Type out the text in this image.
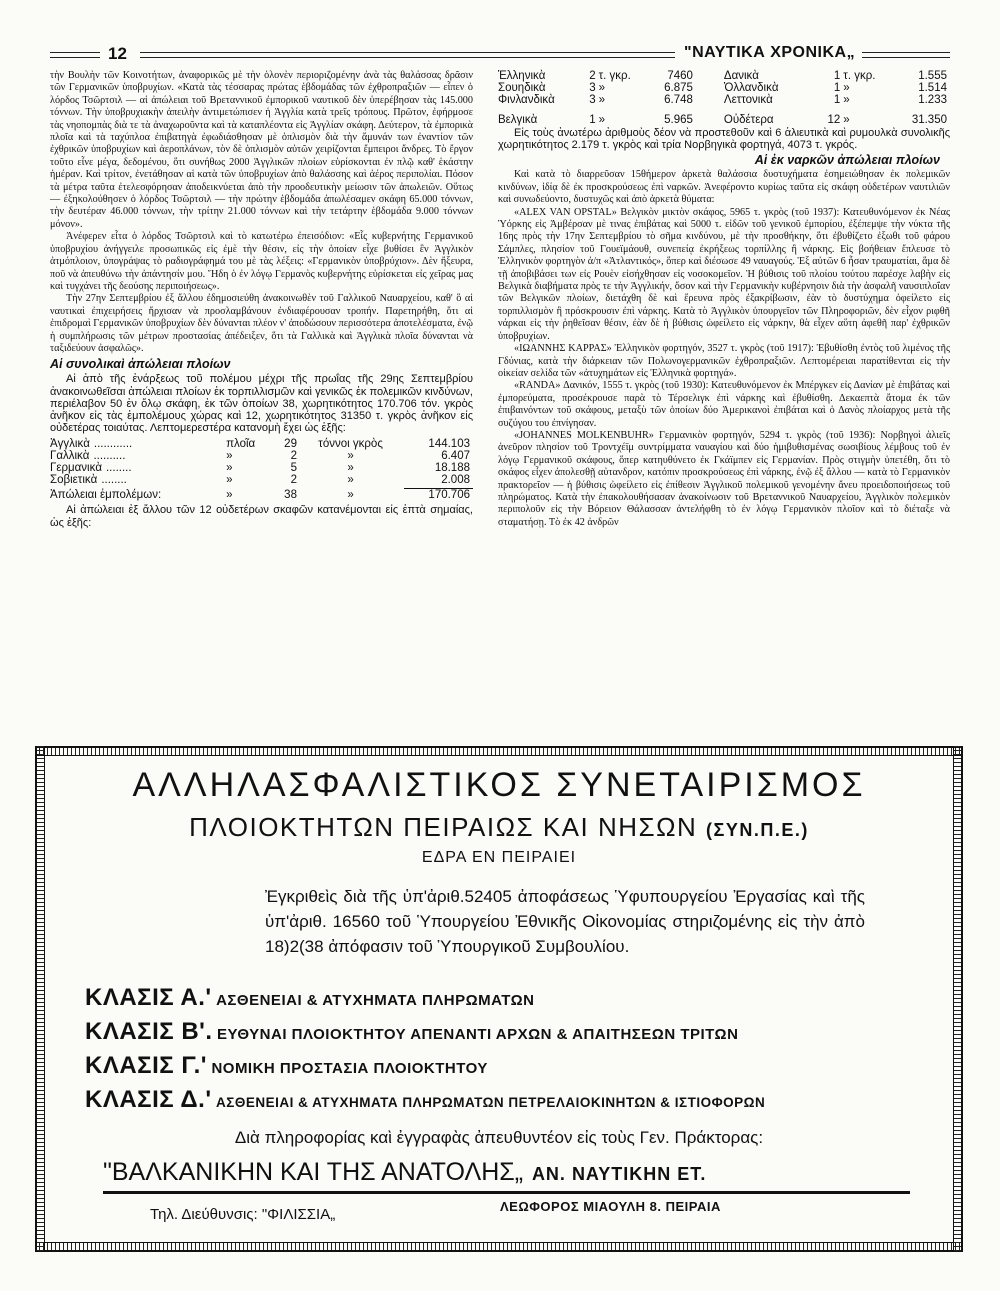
12	"ΝΑΥΤΙΚΑ ΧΡΟΝΙΚΑ„

τὴν Βουλὴν τῶν Κοινοτήτων, ἀναφορικῶς μὲ τὴν ὁλονὲν περιοριζομένην ἀνὰ τὰς θαλάσσας δρᾶσιν τῶν Γερμανικῶν ὑποβρυχίων. «Κατὰ τὰς τέσσαρας πρώτας ἑβδομάδας τῶν ἐχθροπραξιῶν — εἶπεν ὁ λόρδος Τσῶρτσιλ — αἱ ἀπώλειαι τοῦ Βρεταννικοῦ ἐμπορικοῦ ναυτικοῦ δὲν ὑπερέβησαν τὰς 145.000 τόννων. Τὴν ὑποβρυχιακὴν ἀπειλὴν ἀντιμετώπισεν ἡ Ἀγγλία κατὰ τρεῖς τρόπους. Πρῶτον, ἐφήρμοσε τὰς νηοπομπὰς διὰ τε τὰ ἀναχωροῦντα καὶ τὰ καταπλέοντα εἰς Ἀγγλίαν σκάφη. Δεύτερον, τὰ ἐμπορικὰ πλοῖα καὶ τὰ ταχύπλοα ἐπιβατηγὰ ἐφωδιάσθησαν μὲ ὁπλισμὸν διὰ τὴν ἄμυνάν των ἐναντίον τῶν ἐχθρικῶν ὑποβρυχίων καὶ ἀεροπλάνων, τὸν δὲ ὁπλισμὸν αὐτῶν χειρίζονται ἔμπειροι ἄνδρες. Τὸ ἔργον τοῦτο εἶνε μέγα, δεδομένου, ὅτι συνήθως 2000 Ἀγγλικῶν πλοίων εὑρίσκονται ἐν πλῷ καθ' ἑκάστην ἡμέραν. Καὶ τρίτον, ἐνετάθησαν αἱ κατὰ τῶν ὑποβρυχίων ἀπὸ θαλάσσης καὶ ἀέρος περιπολίαι. Πόσον τὰ μέτρα ταῦτα ἐτελεσφόρησαν ἀποδεικνύεται ἀπὸ τὴν προοδευτικὴν μείωσιν τῶν ἀπωλειῶν. Οὕτως — ἐξηκολούθησεν ὁ λόρδος Τσῶρτσιλ — τὴν πρώτην ἑβδομάδα ἀπωλέσαμεν σκάφη 65.000 τόννων, τὴν δευτέραν 46.000 τόννων, τὴν τρίτην 21.000 τόννων καὶ τὴν τετάρτην ἑβδομάδα 9.000 τόννων μόνον».

Ἀνέφερεν εἶτα ὁ λόρδος Τσῶρτσιλ καὶ τὸ κατωτέρω ἐπεισόδιον: «Εἷς κυβερνήτης Γερμανικοῦ ὑποβρυχίου ἀνήγγειλε προσωπικῶς εἰς ἐμὲ τὴν θέσιν, εἰς τὴν ὁποίαν εἶχε βυθίσει ἓν Ἀγγλικὸν ἀτμόπλοιον, ὑπογράψας τὸ ραδιογράφημά του μὲ τὰς λέξεις: «Γερμανικὸν ὑποβρύχιον». Δὲν ἤξευρα, ποῦ νὰ ἀπευθύνω τὴν ἀπάντησίν μου. Ἤδη ὁ ἐν λόγῳ Γερμανὸς κυβερνήτης εὑρίσκεται εἰς χεῖρας μας καὶ τυγχάνει τῆς δεούσης περιποιήσεως».

Τὴν 27ην Σεπτεμβρίου ἐξ ἄλλου ἐδημοσιεύθη ἀνακοινωθὲν τοῦ Γαλλικοῦ Ναυαρχείου, καθ' ὃ αἱ ναυτικαὶ ἐπιχειρήσεις ἤρχισαν νὰ προσλαμβάνουν ἐνδιαφέρουσαν τροπήν. Παρετηρήθη, ὅτι αἱ ἐπιδρομαὶ Γερμανικῶν ὑποβρυχίων δὲν δύνανται πλέον ν' ἀποδώσουν περισσότερα ἀποτελέσματα, ἐνῷ ἡ συμπλήρωσις τῶν μέτρων προστασίας ἀπέδειξεν, ὅτι τὰ Γαλλικὰ καὶ Ἀγγλικὰ πλοῖα δύνανται νὰ ταξιδεύουν ἀσφαλῶς».

Αἱ συνολικαὶ ἀπώλειαι πλοίων

Αἱ ἀπὸ τῆς ἐνάρξεως τοῦ πολέμου μέχρι τῆς πρωΐας τῆς 29ης Σεπτεμβρίου ἀνακοινωθεῖσαι ἀπώλειαι πλοίων ἐκ τορπιλλισμῶν καὶ γενικῶς ἐκ πολεμικῶν κινδύνων, περιέλαβον 50 ἐν ὅλῳ σκάφη, ἐκ τῶν ὁποίων 38, χωρητικότητος 170.706 τόν. γκρὸς ἀνῆκον εἰς τὰς ἐμπολέμους χώρας καὶ 12, χωρητικότητος 31350 τ. γκρὸς ἀνῆκον εἰς οὐδετέρας τοιαύτας. Λεπτομερεστέρα κατανομὴ ἔχει ὡς ἑξῆς:

Ἀγγλικὰ ............	πλοῖα	29	τόννοι γκρὸς	144.103
Γαλλικὰ ..........	»	2	»	6.407
Γερμανικὰ ........	»	5	»	18.188
Σοβιετικὰ ........	»	2	»	2.008

Ἀπώλειαι ἐμπολέμων:	»	38	»	170.706

Αἱ ἀπώλειαι ἐξ ἄλλου τῶν 12 οὐδετέρων σκαφῶν κατανέμονται εἰς ἑπτὰ σημαίας, ὡς ἑξῆς:

Ἑλληνικὰ	2	τ. γκρ.	7460	Δανικὰ	1	τ. γκρ.	1.555
Σουηδικὰ	3	»	6.875	Ὀλλανδικὰ	1	»	1.514
Φινλανδικὰ	3	»	6.748	Λεττονικὰ	1	»	1.233

Βελγικὰ	1	»	5.965	Οὐδέτερα	12	»	31.350

Εἰς τοὺς ἀνωτέρω ἀριθμοὺς δέον νὰ προστεθοῦν καὶ 6 ἁλιευτικὰ καὶ ρυμουλκὰ συνολικῆς χωρητικότητος 2.179 τ. γκρὸς καὶ τρία Νορβηγικὰ φορτηγά, 4073 τ. γκρός.

Αἱ ἐκ ναρκῶν ἀπώλειαι πλοίων

Καὶ κατὰ τὸ διαρρεῦσαν 15θήμερον ἀρκετὰ θαλάσσια δυστυχήματα ἐσημειώθησαν ἐκ πολεμικῶν κινδύνων, ἰδίᾳ δὲ ἐκ προσκρούσεως ἐπὶ ναρκῶν. Ἀνεφέροντο κυρίως ταῦτα εἰς σκάφη οὐδετέρων ναυτιλιῶν καὶ συνωδεύοντο, δυστυχῶς καὶ ἀπὸ ἀρκετὰ θύματα:

«ALEX VAN OPSTAL» Βελγικὸν μικτὸν σκάφος, 5965 τ. γκρὸς (τοῦ 1937): Κατευθυνόμενον ἐκ Νέας Ὑόρκης εἰς Ἀμβέρσαν μὲ τινας ἐπιβάτας καὶ 5000 τ. εἰδῶν τοῦ γενικοῦ ἐμπορίου, ἐξέπεμψε τὴν νύκτα τῆς 16ης πρὸς τὴν 17ην Σεπτεμβρίου τὸ σῆμα κινδύνου, μὲ τὴν προσθήκην, ὅτι ἐβυθίζετο ἐξωθι τοῦ φάρου Σάμπλες, πλησίον τοῦ Γουεϊμάουθ, συνεπείᾳ ἐκρήξεως τορπίλλης ἢ νάρκης. Εἰς βοήθειαν ἔπλευσε τὸ Ἑλληνικὸν φορτηγὸν ἀ/π «Ἀτλαντικός», ὅπερ καὶ διέσωσε 49 ναυαγούς. Ἐξ αὐτῶν 6 ἦσαν τραυματίαι, ἅμα δὲ τῇ ἀποβιβάσει των εἰς Ρουὲν εἰσήχθησαν εἰς νοσοκομεῖον. Ἡ βύθισις τοῦ πλοίου τούτου παρέσχε λαβὴν εἰς Βελγικὰ διαβήματα πρὸς τε τὴν Ἀγγλικήν, ὅσον καὶ τὴν Γερμανικὴν κυβέρνησιν διὰ τὴν ἀσφαλῆ ναυσιπλοΐαν τῶν Βελγικῶν πλοίων, διετάχθη δὲ καὶ ἔρευνα πρὸς ἐξακρίβωσιν, ἐὰν τὸ δυστύχημα ὀφείλετο εἰς τορπιλλισμὸν ἢ πρόσκρουσιν ἐπὶ νάρκης. Κατὰ τὸ Ἀγγλικὸν ὑπουργεῖον τῶν Πληροφοριῶν, δὲν εἶχον ριφθῆ νάρκαι εἰς τὴν ῥηθεῖσαν θέσιν, ἐὰν δὲ ἡ βύθισις ὠφείλετο εἰς νάρκην, θὰ εἶχεν αὕτη ἀφεθῆ παρ' ἐχθρικῶν ὑποβρυχίων.

«ΙΩΑΝΝΗΣ ΚΑΡΡΑΣ» Ἑλληνικὸν φορτηγόν, 3527 τ. γκρὸς (τοῦ 1917): Ἐβυθίσθη ἐντὸς τοῦ λιμένος τῆς Γδύνιας, κατὰ τὴν διάρκειαν τῶν Πολωνογερμανικῶν ἐχθροπραξιῶν. Λεπτομέρειαι παρατίθενται εἰς τὴν οἰκείαν σελίδα τῶν «ἀτυχημάτων εἰς Ἑλληνικὰ φορτηγά».

«RANDA» Δανικόν, 1555 τ. γκρὸς (τοῦ 1930): Κατευθυνόμενον ἐκ Μπέργκεν εἰς Δανίαν μὲ ἐπιβάτας καὶ ἐμπορεύματα, προσέκρουσε παρὰ τὸ Τέρσελιγκ ἐπὶ νάρκης καὶ ἐβυθίσθη. Δεκαεπτὰ ἄτομα ἐκ τῶν ἐπιβαινόντων τοῦ σκάφους, μεταξὺ τῶν ὁποίων δύο Ἀμερικανοὶ ἐπιβάται καὶ ὁ Δανὸς πλοίαρχος μετὰ τῆς συζύγου του ἐπνίγησαν.

«JOHANNES MOLKENBUHR» Γερμανικὸν φορτηγόν, 5294 τ. γκρὸς (τοῦ 1936): Νορβηγοὶ ἁλιεῖς ἀνεῦρον πλησίον τοῦ Τροντχέϊμ συντρίμματα ναυαγίου καὶ δύο ἡμιβυθισμένας σωσιβίους λέμβους τοῦ ἐν λόγῳ Γερμανικοῦ σκάφους, ὅπερ κατηυθύνετο ἐκ Γκάϊμπεν εἰς Γερμανίαν. Πρὸς στιγμὴν ὑπετέθη, ὅτι τὸ σκάφος εἶχεν ἀπολεσθῇ αὐτανδρον, κατόπιν προσκρούσεως ἐπὶ νάρκης, ἐνῷ ἐξ ἄλλου — κατὰ τὸ Γερμανικὸν πρακτορεῖον — ἡ βύθισις ὠφείλετο εἰς ἐπίθεσιν Ἀγγλικοῦ πολεμικοῦ γενομένην ἄνευ προειδοποιήσεως τοῦ πληρώματος. Κατὰ τὴν ἐπακολουθήσασαν ἀνακοίνωσιν τοῦ Βρεταννικοῦ Ναυαρχείου, Ἀγγλικὸν πολεμικὸν περιπολοῦν εἰς τὴν Βόρειον Θάλασσαν ἀντελήφθη τὸ ἐν λόγῳ Γερμανικὸν πλοῖον καὶ τὸ διέταξε νὰ σταματήσῃ. Τὸ ἐκ 42 ἀνδρῶν

ΑΛΛΗΛΑΣΦΑΛΙΣΤΙΚΟΣ ΣΥΝΕΤΑΙΡΙΣΜΟΣ
ΠΛΟΙΟΚΤΗΤΩΝ ΠΕΙΡΑΙΩΣ ΚΑΙ ΝΗΣΩΝ (ΣΥΝ.Π.Ε.)
ΕΔΡΑ ΕΝ ΠΕΙΡΑΙΕΙ
Ἐγκριθεὶς διὰ τῆς ὑπ'ἀριθ.52405 ἀποφάσεως Ὑφυπουργείου Ἐργασίας καὶ τῆς ὑπ'ἀριθ. 16560 τοῦ Ὑπουργείου Ἐθνικῆς Οἰκονομίας στηριζομένης εἰς τὴν ἀπὸ 18)2(38 ἀπόφασιν τοῦ Ὑπουργικοῦ Συμβουλίου.
ΚΛΑΣΙΣ Α.' ΑΣΘΕΝΕΙΑΙ & ΑΤΥΧΗΜΑΤΑ ΠΛΗΡΩΜΑΤΩΝ
ΚΛΑΣΙΣ Β'. ΕΥΘΥΝΑΙ ΠΛΟΙΟΚΤΗΤΟΥ ΑΠΕΝΑΝΤΙ ΑΡΧΩΝ & ΑΠΑΙΤΗΣΕΩΝ ΤΡΙΤΩΝ
ΚΛΑΣΙΣ Γ.' ΝΟΜΙΚΗ ΠΡΟΣΤΑΣΙΑ ΠΛΟΙΟΚΤΗΤΟΥ
ΚΛΑΣΙΣ Δ.' ΑΣΘΕΝΕΙΑΙ & ΑΤΥΧΗΜΑΤΑ ΠΛΗΡΩΜΑΤΩΝ ΠΕΤΡΕΛΑΙΟΚΙΝΗΤΩΝ & ΙΣΤΙΟΦΟΡΩΝ
Διὰ πληροφορίας καὶ ἐγγραφὰς ἀπευθυντέον εἰς τοὺς Γεν. Πράκτορας:
"ΒΑΛΚΑΝΙΚΗΝ ΚΑΙ ΤΗΣ ΑΝΑΤΟΛΗΣ„ ΑΝ. ΝΑΥΤΙΚΗΝ ΕΤ.
Τηλ. Διεύθυνσις: "ΦΙΛΙΣΣΙΑ„	ΛΕΩΦΟΡΟΣ ΜΙΑΟΥΛΗ 8. ΠΕΙΡΑΙΑ
